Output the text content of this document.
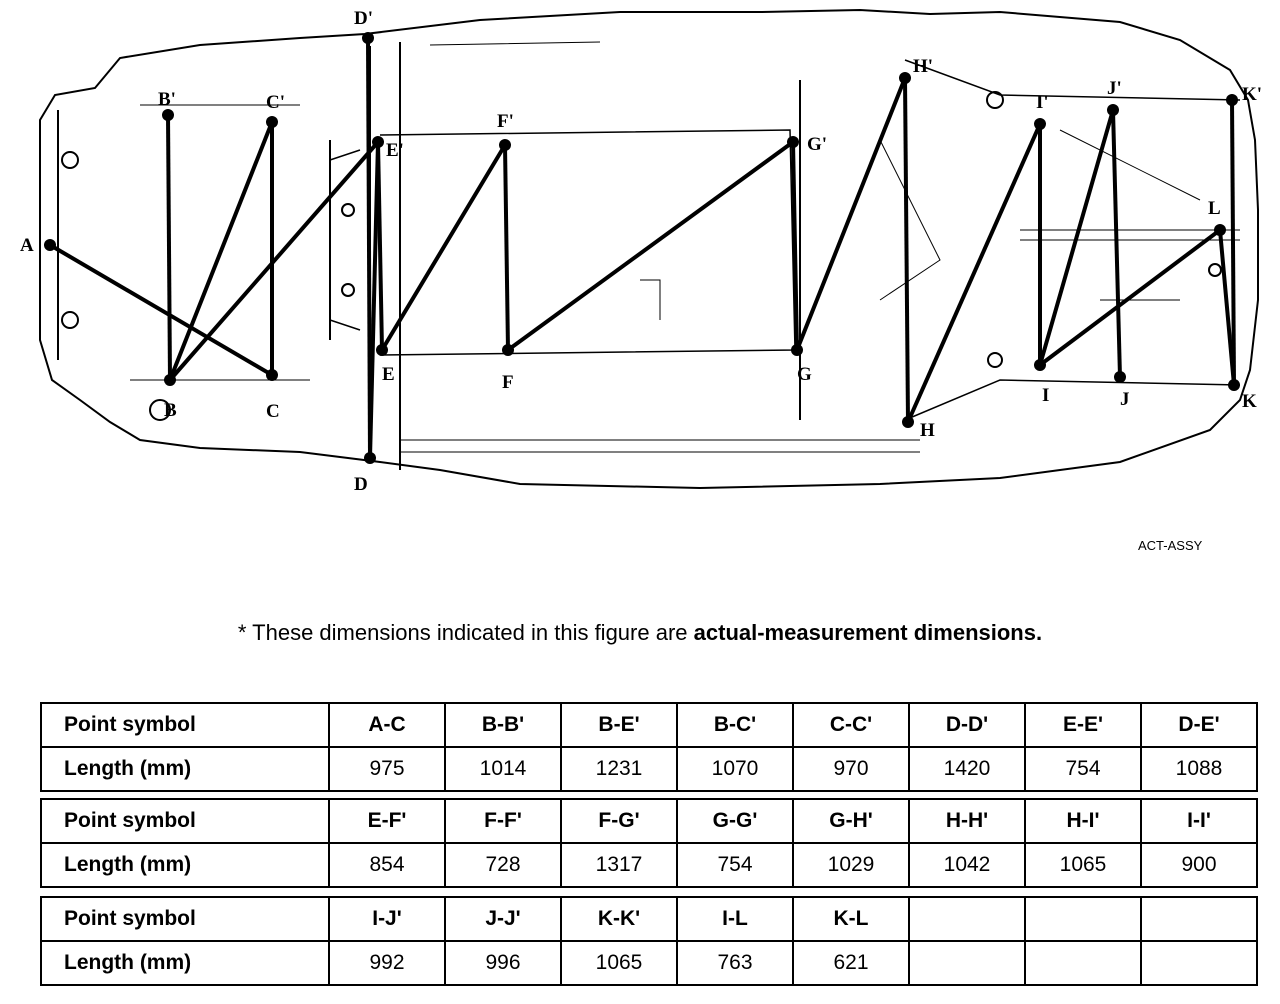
A
B
B'
C
C'
D
D'
E
E'
F
F'
G
G'
H
H'
I
I'
J
J'
K
K'
L
ACT-ASSY
* These dimensions indicated in this figure are actual-measurement dimensions.
Point symbol	A-C	B-B'	B-E'	B-C'	C-C'	D-D'	E-E'	D-E'
Length (mm)	975	1014	1231	1070	970	1420	754	1088
Point symbol	E-F'	F-F'	F-G'	G-G'	G-H'	H-H'	H-I'	I-I'
Length (mm)	854	728	1317	754	1029	1042	1065	900
Point symbol	I-J'	J-J'	K-K'	I-L	K-L			
Length (mm)	992	996	1065	763	621			
